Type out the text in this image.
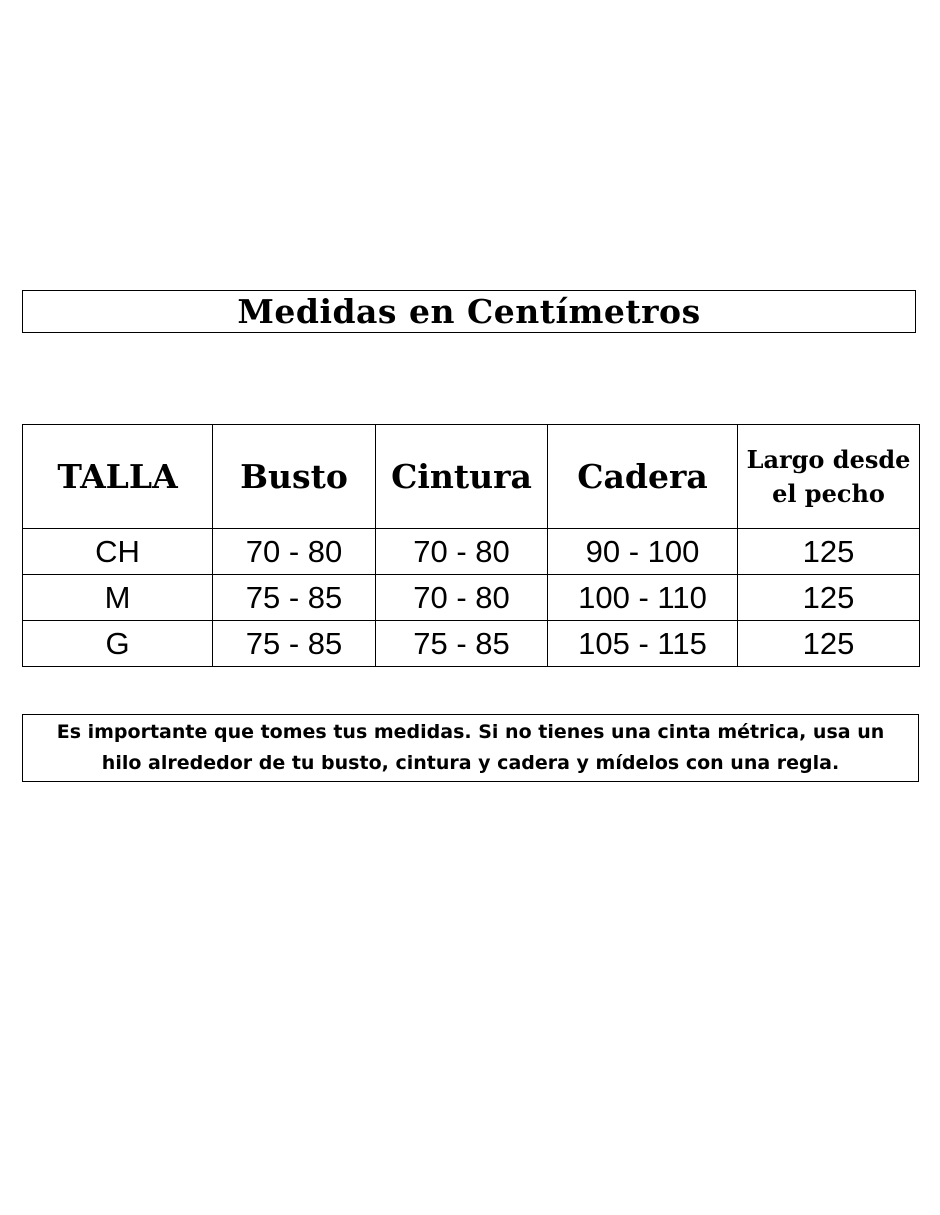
Medidas en Centímetros
TALLA	Busto	Cintura	Cadera	Largo desde el pecho
CH	70 - 80	70 - 80	90 - 100	125
M	75 - 85	70 - 80	100 - 110	125
G	75 - 85	75 - 85	105 - 115	125
Es importante que tomes tus medidas. Si no tienes una cinta métrica, usa un hilo alrededor de tu busto, cintura y cadera y mídelos con una regla.
